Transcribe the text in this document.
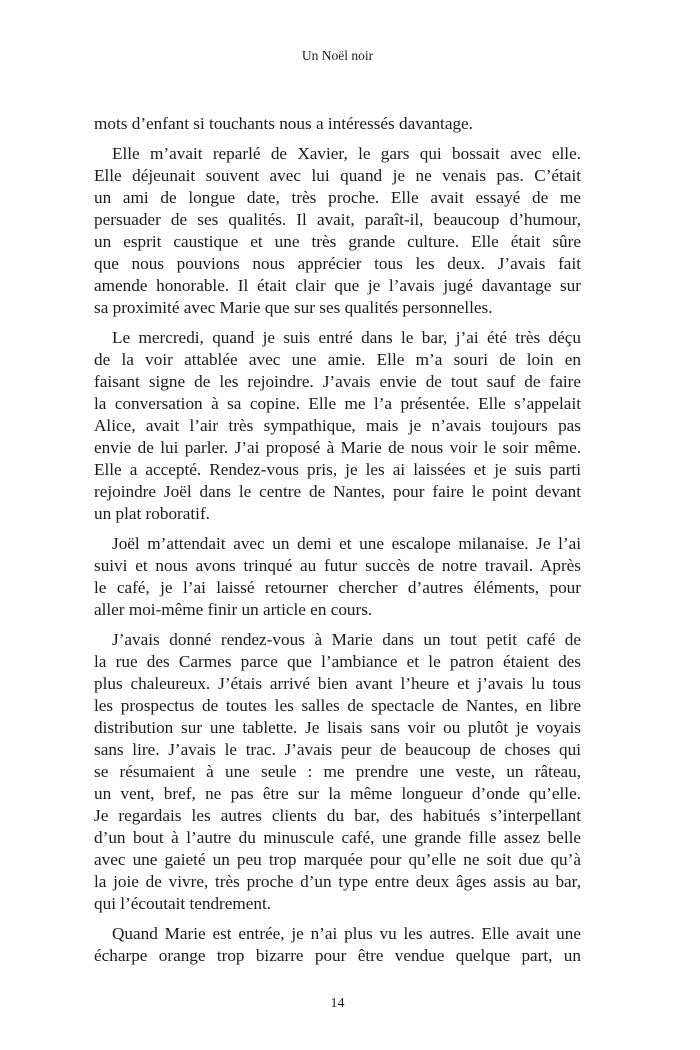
Un Noël noir
mots d’enfant si touchants nous a intéressés davantage.
Elle m’avait reparlé de Xavier, le gars qui bossait avec elle.
Elle déjeunait souvent avec lui quand je ne venais pas. C’était
un ami de longue date, très proche. Elle avait essayé de me
persuader de ses qualités. Il avait, paraît-il, beaucoup d’humour,
un esprit caustique et une très grande culture. Elle était sûre
que nous pouvions nous apprécier tous les deux. J’avais fait
amende honorable. Il était clair que je l’avais jugé davantage sur
sa proximité avec Marie que sur ses qualités personnelles.
Le mercredi, quand je suis entré dans le bar, j’ai été très déçu
de la voir attablée avec une amie. Elle m’a souri de loin en
faisant signe de les rejoindre. J’avais envie de tout sauf de faire
la conversation à sa copine. Elle me l’a présentée. Elle s’appelait
Alice, avait l’air très sympathique, mais je n’avais toujours pas
envie de lui parler. J’ai proposé à Marie de nous voir le soir même.
Elle a accepté. Rendez-vous pris, je les ai laissées et je suis parti
rejoindre Joël dans le centre de Nantes, pour faire le point devant
un plat roboratif.
Joël m’attendait avec un demi et une escalope milanaise. Je l’ai
suivi et nous avons trinqué au futur succès de notre travail. Après
le café, je l’ai laissé retourner chercher d’autres éléments, pour
aller moi-même finir un article en cours.
J’avais donné rendez-vous à Marie dans un tout petit café de
la rue des Carmes parce que l’ambiance et le patron étaient des
plus chaleureux. J’étais arrivé bien avant l’heure et j’avais lu tous
les prospectus de toutes les salles de spectacle de Nantes, en libre
distribution sur une tablette. Je lisais sans voir ou plutôt je voyais
sans lire. J’avais le trac. J’avais peur de beaucoup de choses qui
se résumaient à une seule : me prendre une veste, un râteau,
un vent, bref, ne pas être sur la même longueur d’onde qu’elle.
Je regardais les autres clients du bar, des habitués s’interpellant
d’un bout à l’autre du minuscule café, une grande fille assez belle
avec une gaieté un peu trop marquée pour qu’elle ne soit due qu’à
la joie de vivre, très proche d’un type entre deux âges assis au bar,
qui l’écoutait tendrement.
Quand Marie est entrée, je n’ai plus vu les autres. Elle avait une
écharpe orange trop bizarre pour être vendue quelque part, un
14
